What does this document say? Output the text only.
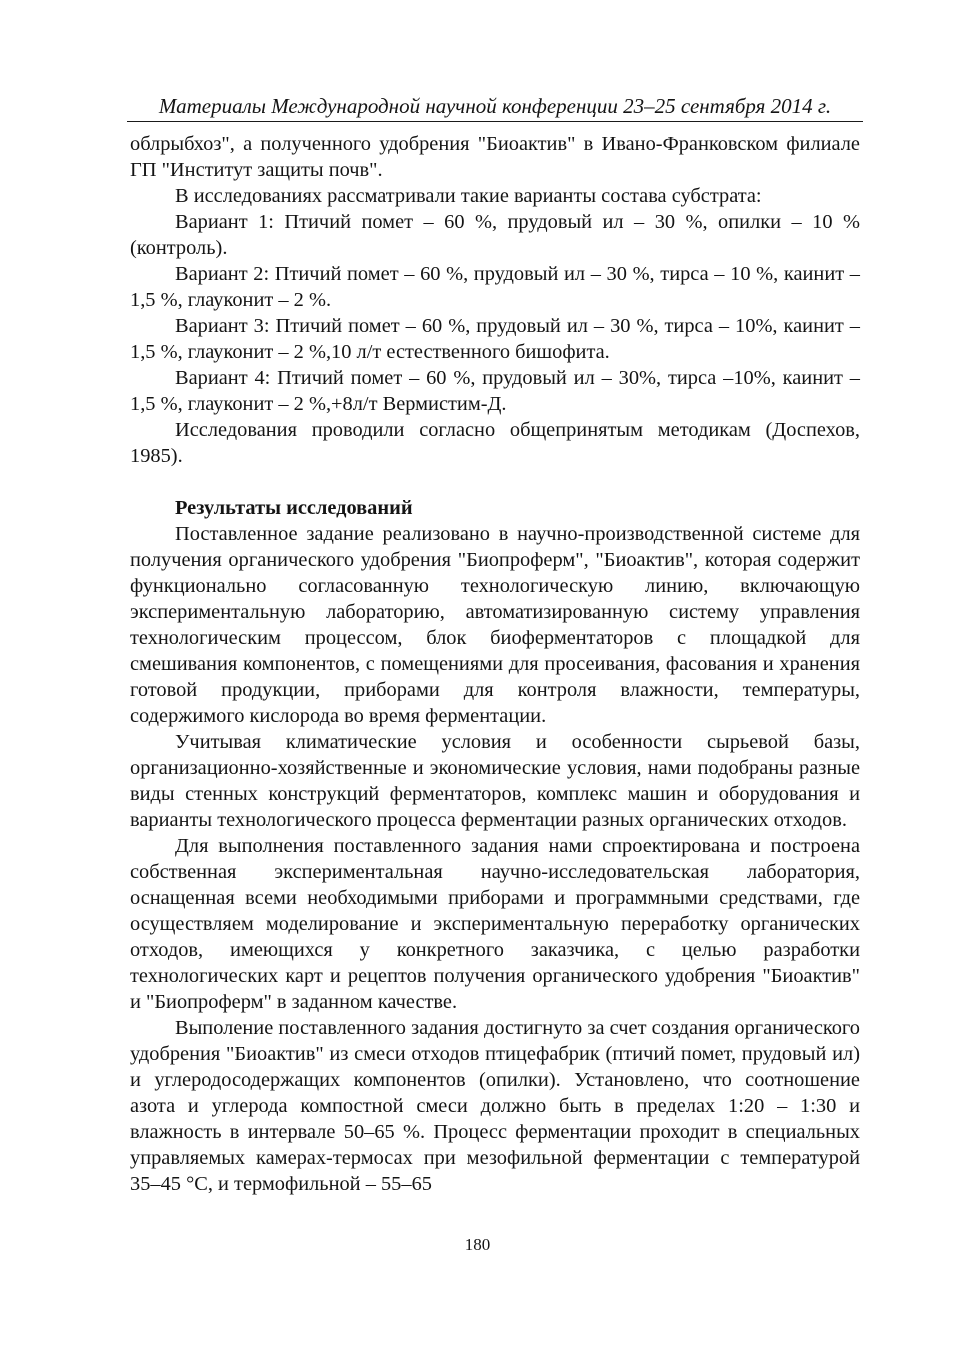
Материалы Международной научной конференции 23–25 сентября 2014 г.

облрыбхоз", а полученного удобрения "Биоактив" в Ивано-Франковском филиале ГП "Институт защиты почв".

В исследованиях рассматривали такие варианты состава субстрата:

Вариант 1: Птичий помет – 60 %, прудовый ил – 30 %, опилки – 10 % (контроль).

Вариант 2: Птичий помет – 60 %, прудовый ил – 30 %, тирса – 10 %, каинит – 1,5 %, глауконит – 2 %.

Вариант 3: Птичий помет – 60 %, прудовый ил – 30 %, тирса – 10%, каинит – 1,5 %, глауконит – 2 %,10 л/т естественного бишофита.

Вариант 4: Птичий помет – 60 %, прудовый ил – 30%, тирса –10%, каинит – 1,5 %, глауконит – 2 %,+8л/т Вермистим-Д.

Исследования проводили согласно общепринятым методикам (Доспехов, 1985).

Результаты исследований

Поставленное задание реализовано в научно-производственной системе для получения органического удобрения "Биопроферм", "Биоактив", которая содержит функционально согласованную технологическую линию, включающую экспериментальную лабораторию, автоматизированную систему управления технологическим процессом, блок биоферментаторов с площадкой для смешивания компонентов, с помещениями для просеивания, фасования и хранения готовой продукции, приборами для контроля влажности, температуры, содержимого кислорода во время ферментации.

Учитывая климатические условия и особенности сырьевой базы, организационно-хозяйственные и экономические условия, нами подобраны разные виды стенных конструкций ферментаторов, комплекс машин и оборудования и варианты технологического процесса ферментации разных органических отходов.

Для выполнения поставленного задания нами спроектирована и построена собственная экспериментальная научно-исследовательская лаборатория, оснащенная всеми необходимыми приборами и программными средствами, где осуществляем моделирование и экспериментальную переработку органических отходов, имеющихся у конкретного заказчика, с целью разработки технологических карт и рецептов получения органического удобрения "Биоактив" и "Биопроферм" в заданном качестве.

Выполение поставленного задания достигнуто за счет создания органического удобрения "Биоактив" из смеси отходов птицефабрик (птичий помет, прудовый ил) и углеродосодержащих компонентов (опилки). Установлено, что соотношение азота и углерода компостной смеси должно быть в пределах 1:20 – 1:30 и влажность в интервале 50–65 %. Процесс ферментации проходит в специальных управляемых камерах-термосах при мезофильной ферментации с температурой 35–45 °С, и термофильной – 55–65

180
